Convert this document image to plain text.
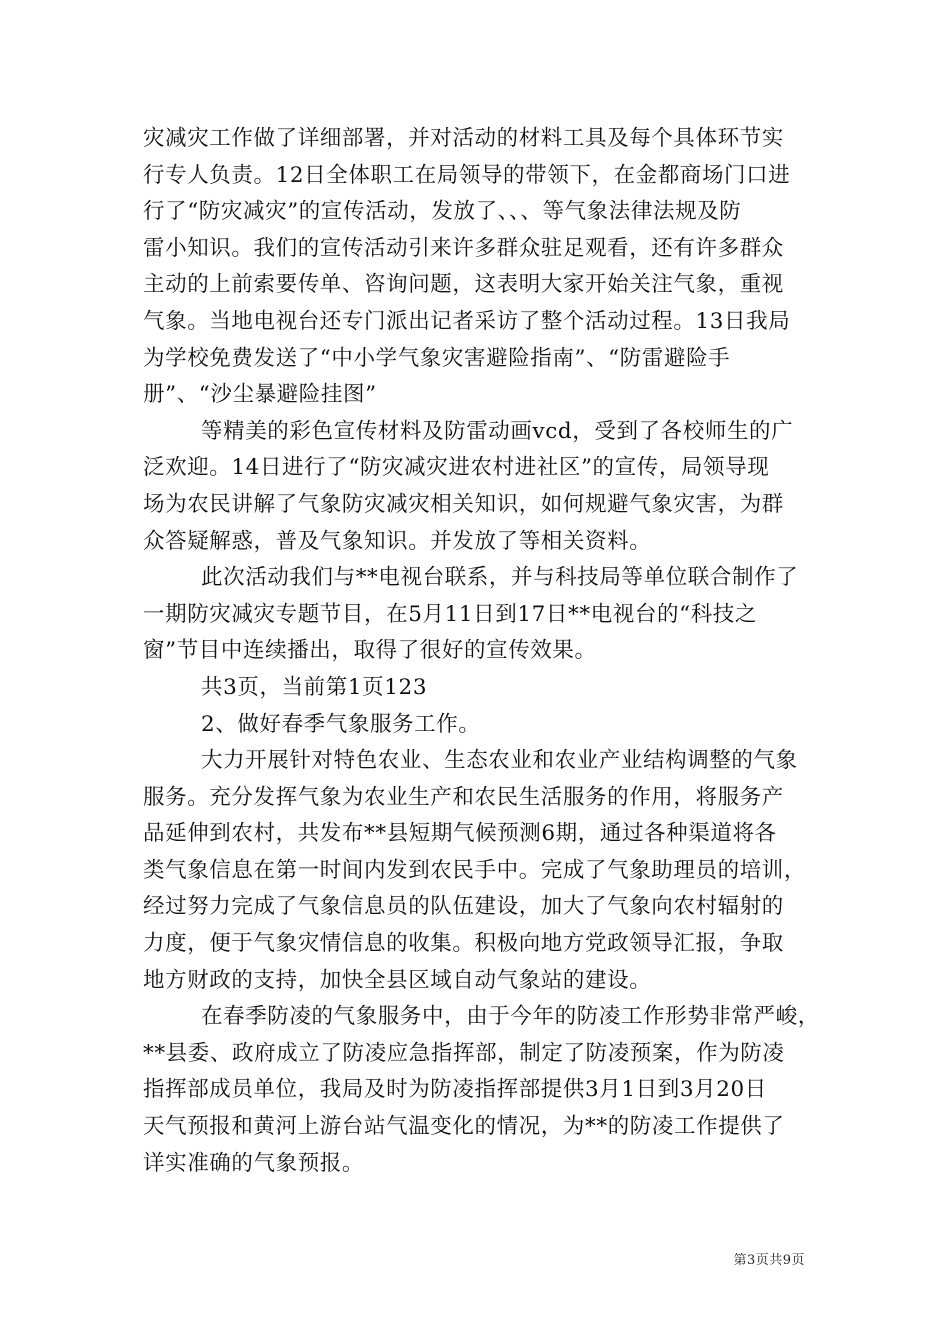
灾减灾工作做了详细部署，并对活动的材料工具及每个具体环节实
行专人负责。12日全体职工在局领导的带领下，在金都商场门口进
行了“防灾减灾”的宣传活动，发放了、、、等气象法律法规及防
雷小知识。我们的宣传活动引来许多群众驻足观看，还有许多群众
主动的上前索要传单、咨询问题，这表明大家开始关注气象，重视
气象。当地电视台还专门派出记者采访了整个活动过程。13日我局
为学校免费发送了“中小学气象灾害避险指南”、“防雷避险手
册”、“沙尘暴避险挂图”
等精美的彩色宣传材料及防雷动画vcd，受到了各校师生的广
泛欢迎。14日进行了“防灾减灾进农村进社区”的宣传，局领导现
场为农民讲解了气象防灾减灾相关知识，如何规避气象灾害，为群
众答疑解惑，普及气象知识。并发放了等相关资料。
此次活动我们与**电视台联系，并与科技局等单位联合制作了
一期防灾减灾专题节目，在5月11日到17日**电视台的“科技之
窗”节目中连续播出，取得了很好的宣传效果。
共3页，当前第1页123
2、做好春季气象服务工作。
大力开展针对特色农业、生态农业和农业产业结构调整的气象
服务。充分发挥气象为农业生产和农民生活服务的作用，将服务产
品延伸到农村，共发布**县短期气候预测6期，通过各种渠道将各
类气象信息在第一时间内发到农民手中。完成了气象助理员的培训，
经过努力完成了气象信息员的队伍建设，加大了气象向农村辐射的
力度，便于气象灾情信息的收集。积极向地方党政领导汇报，争取
地方财政的支持，加快全县区域自动气象站的建设。
在春季防凌的气象服务中，由于今年的防凌工作形势非常严峻，
**县委、政府成立了防凌应急指挥部，制定了防凌预案，作为防凌
指挥部成员单位，我局及时为防凌指挥部提供3月1日到3月20日
天气预报和黄河上游台站气温变化的情况，为**的防凌工作提供了
详实准确的气象预报。
第3页共9页
